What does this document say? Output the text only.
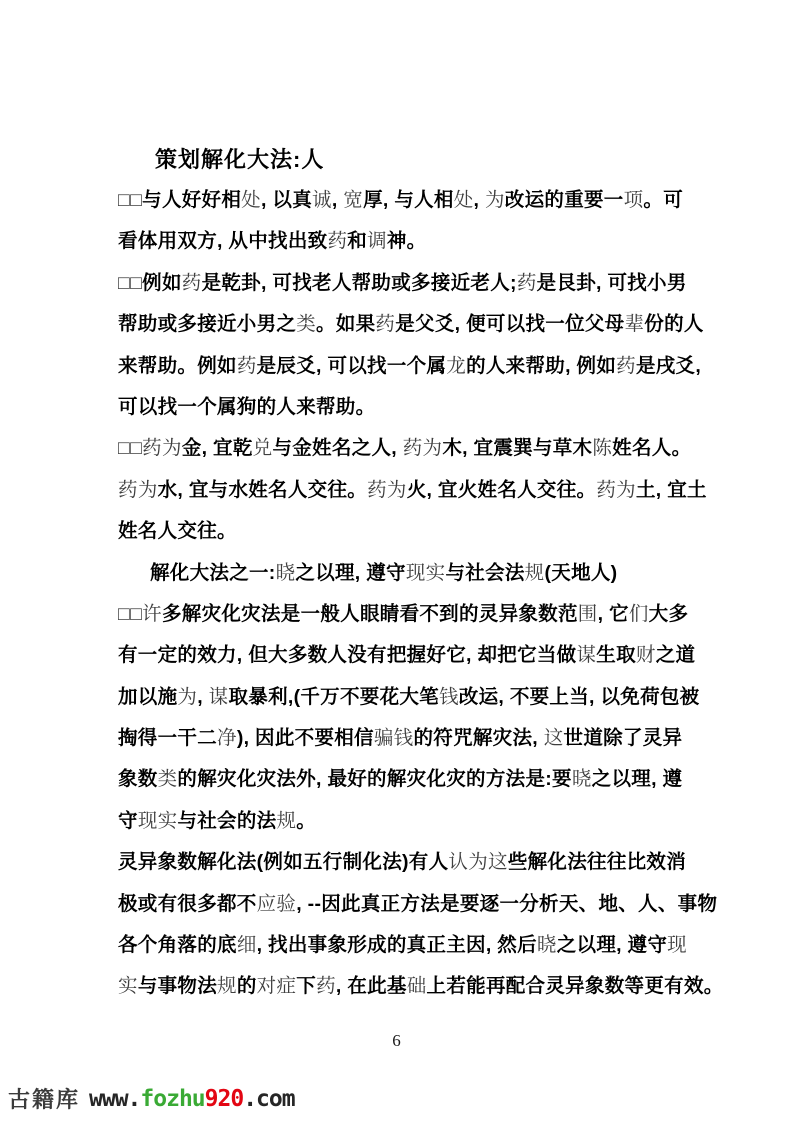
策划解化大法:人
□□与人好好相处, 以真诚, 宽厚, 与人相处, 为改运的重要一项。可
看体用双方, 从中找出致药和调神。
□□例如药是乾卦, 可找老人帮助或多接近老人;药是艮卦, 可找小男
帮助或多接近小男之类。如果药是父爻, 便可以找一位父母辈份的人
来帮助。例如药是辰爻, 可以找一个属龙的人来帮助, 例如药是戌爻,
可以找一个属狗的人来帮助。
□□药为金, 宜乾兑与金姓名之人, 药为木, 宜震巽与草木陈姓名人。
药为水, 宜与水姓名人交往。药为火, 宜火姓名人交往。药为土, 宜土
姓名人交往。
解化大法之一:晓之以理, 遵守现实与社会法规(天地人)
□□许多解灾化灾法是一般人眼睛看不到的灵异象数范围, 它们大多
有一定的效力, 但大多数人没有把握好它, 却把它当做谋生取财之道
加以施为, 谋取暴利,(千万不要花大笔钱改运, 不要上当, 以免荷包被
掏得一干二净), 因此不要相信骗钱的符咒解灾法, 这世道除了灵异
象数类的解灾化灾法外, 最好的解灾化灾的方法是:要晓之以理, 遵
守现实与社会的法规。
灵异象数解化法(例如五行制化法)有人认为这些解化法往往比效消
极或有很多都不应验, --因此真正方法是要逐一分析天、地、人、事物
各个角落的底细, 找出事象形成的真正主因, 然后晓之以理, 遵守现
实与事物法规的对症下药, 在此基础上若能再配合灵异象数等更有效。
6
古籍库 www.fozhu920.com
